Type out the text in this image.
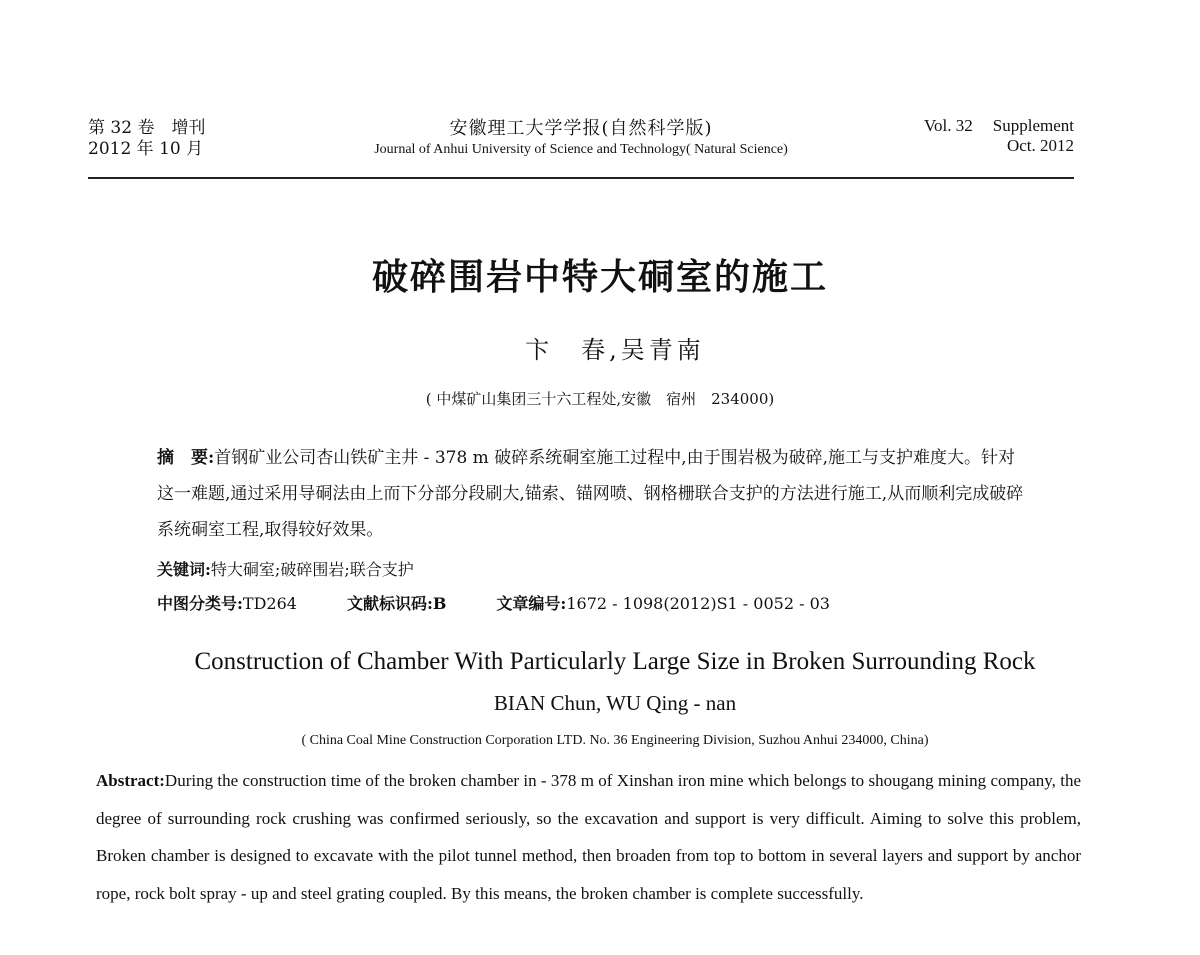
第 32 卷　增刊
2012 年 10 月
安徽理工大学学报(自然科学版)
Journal of Anhui University of Science and Technology( Natural Science)
Vol. 32 Supplement
Oct. 2012
破碎围岩中特大硐室的施工
卞　春,吴青南
( 中煤矿山集团三十六工程处,安徽　宿州　234000)
摘　要:首钢矿业公司杏山铁矿主井 - 378 m 破碎系统硐室施工过程中,由于围岩极为破碎,施工与支护难度大。针对这一难题,通过采用导硐法由上而下分部分段刷大,锚索、锚网喷、钢格栅联合支护的方法进行施工,从而顺利完成破碎系统硐室工程,取得较好效果。
关键词:特大硐室;破碎围岩;联合支护
中图分类号:TD264	文献标识码:B	文章编号:1672 - 1098(2012)S1 - 0052 - 03
Construction of Chamber With Particularly Large Size in Broken Surrounding Rock
BIAN Chun, WU Qing - nan
( China Coal Mine Construction Corporation LTD. No. 36 Engineering Division, Suzhou Anhui 234000, China)
Abstract:During the construction time of the broken chamber in - 378 m of Xinshan iron mine which belongs to shougang mining company, the degree of surrounding rock crushing was confirmed seriously, so the excavation and support is very difficult. Aiming to solve this problem, Broken chamber is designed to excavate with the pilot tunnel method, then broaden from top to bottom in several layers and support by anchor rope, rock bolt spray - up and steel grating coupled. By this means, the broken chamber is complete successfully.
